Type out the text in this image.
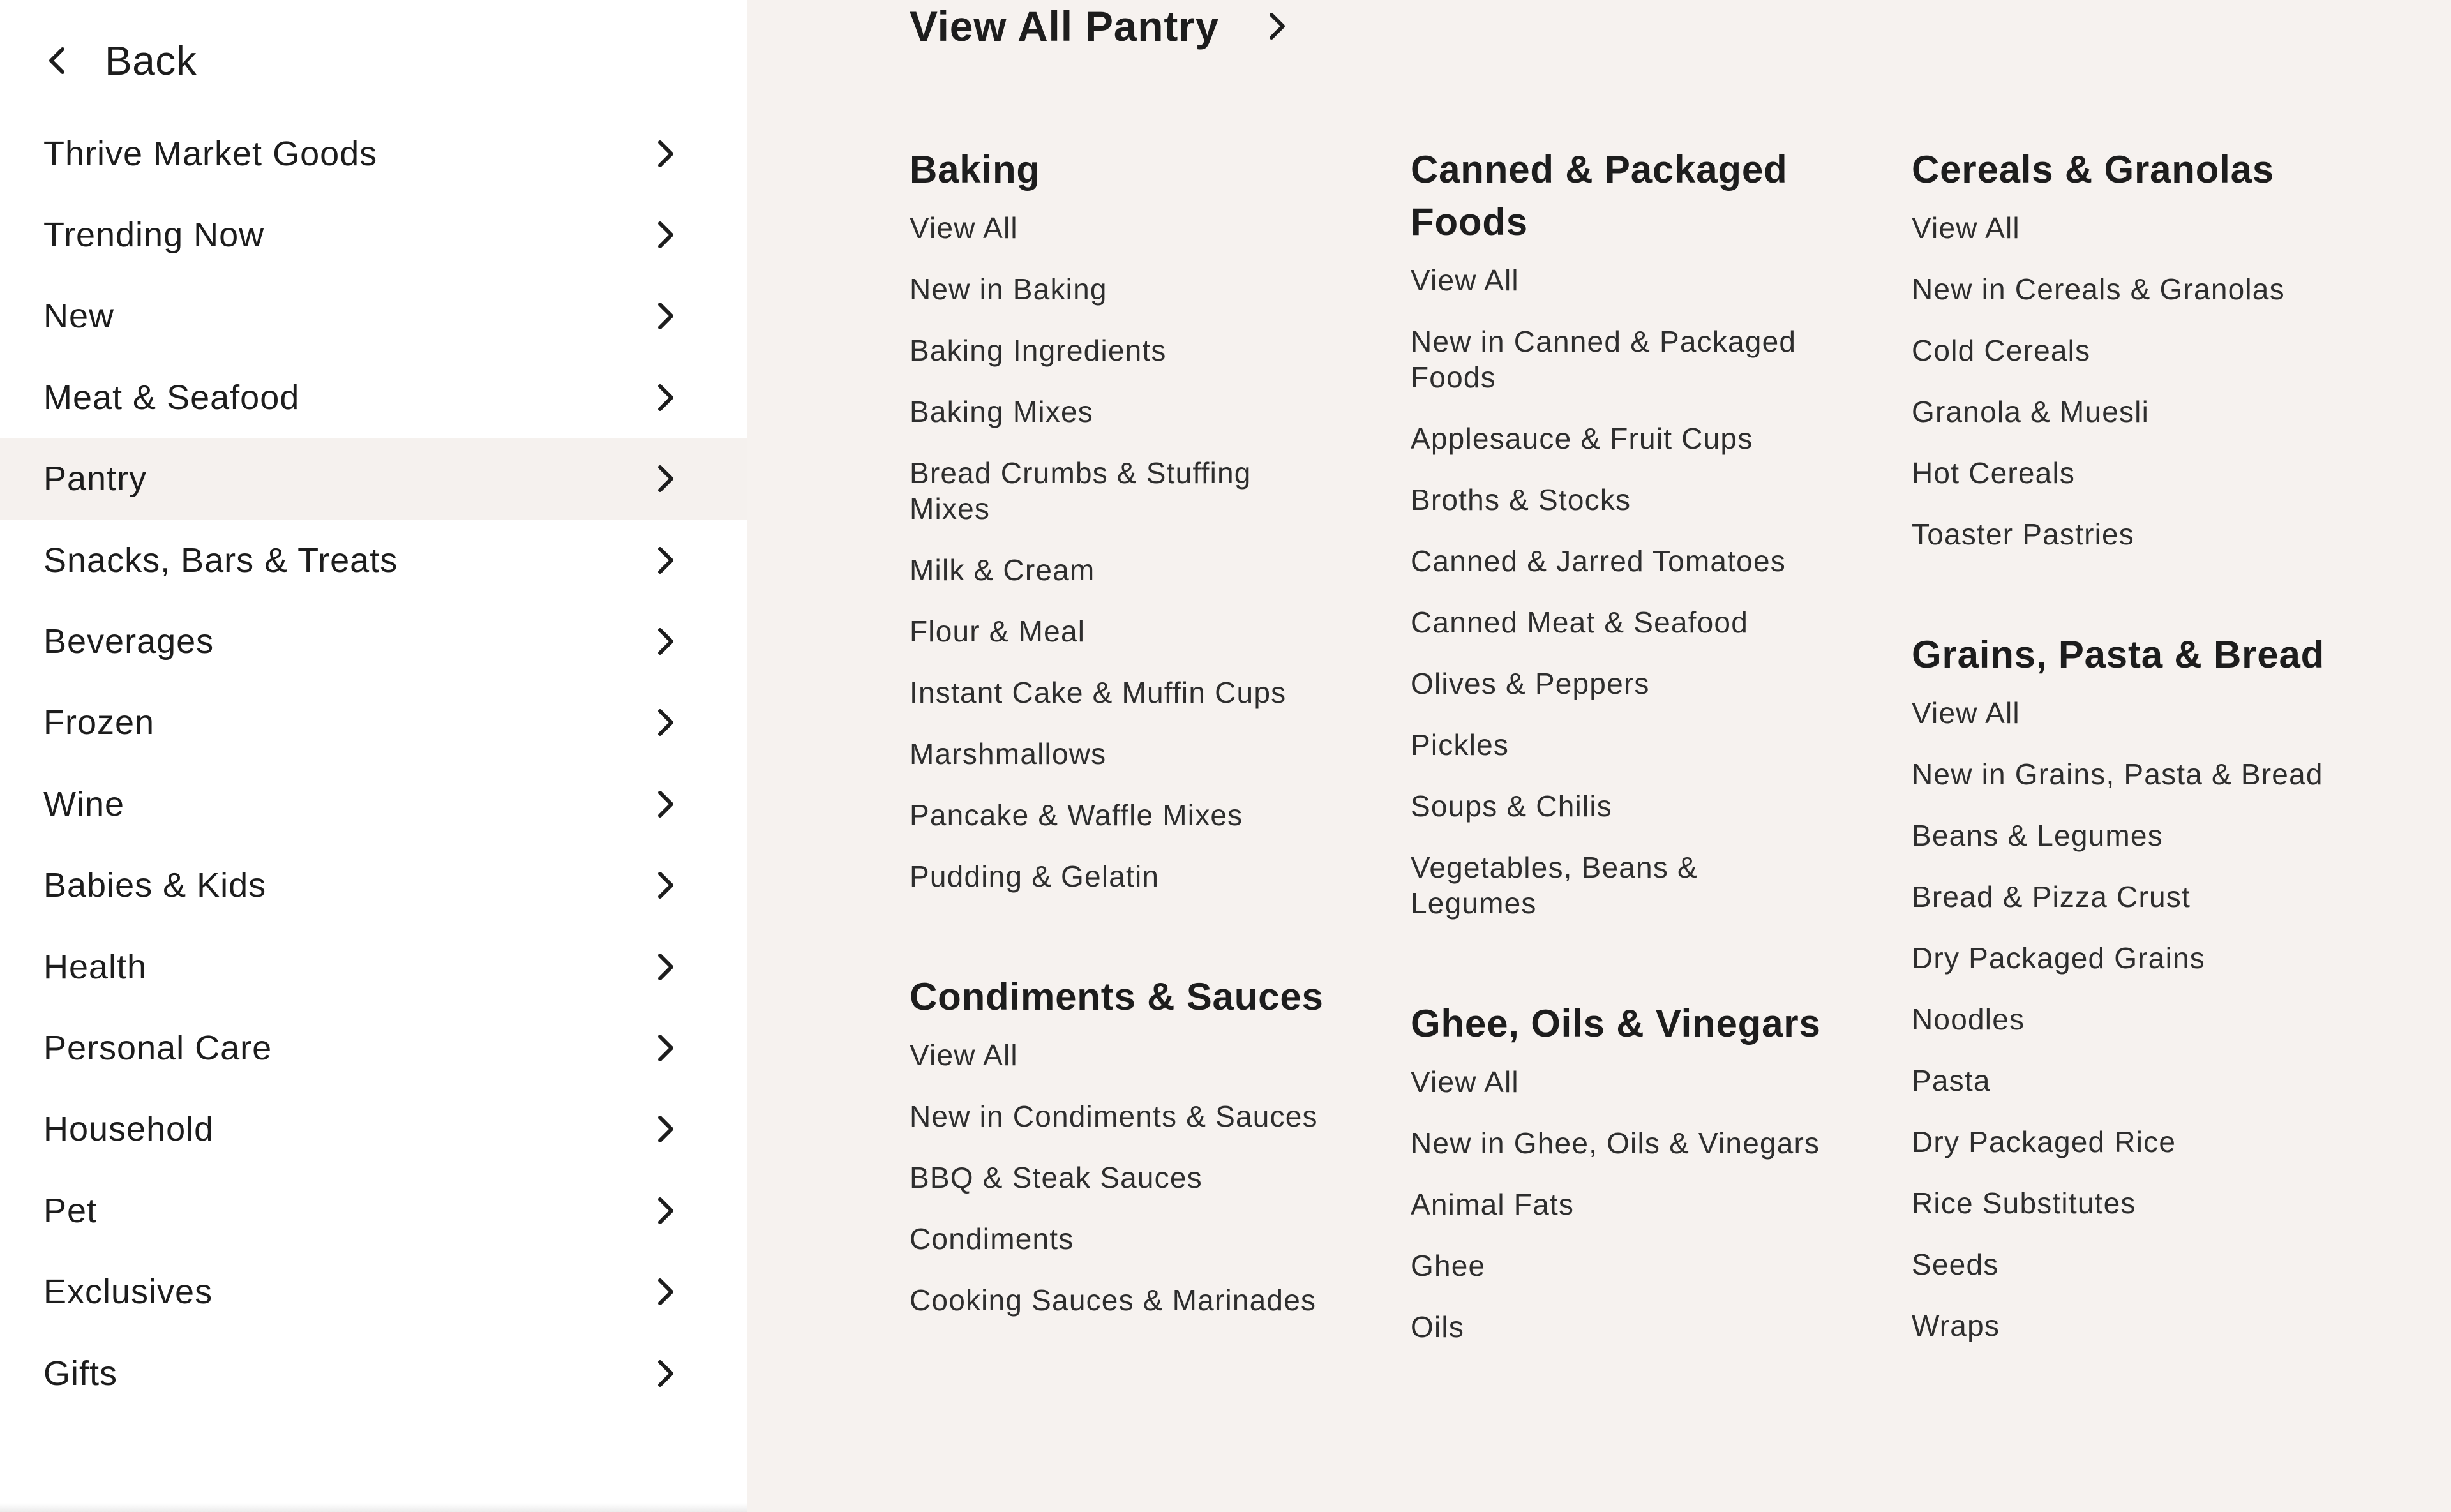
Back
Thrive Market Goods
Trending Now
New
Meat & Seafood
Pantry
Snacks, Bars & Treats
Beverages
Frozen
Wine
Babies & Kids
Health
Personal Care
Household
Pet
Exclusives
Gifts
View All Pantry
Baking
View All
New in Baking
Baking Ingredients
Baking Mixes
Bread Crumbs & Stuffing Mixes
Milk & Cream
Flour & Meal
Instant Cake & Muffin Cups
Marshmallows
Pancake & Waffle Mixes
Pudding & Gelatin
Condiments & Sauces
View All
New in Condiments & Sauces
BBQ & Steak Sauces
Condiments
Cooking Sauces & Marinades
Canned & Packaged Foods
View All
New in Canned & Packaged Foods
Applesauce & Fruit Cups
Broths & Stocks
Canned & Jarred Tomatoes
Canned Meat & Seafood
Olives & Peppers
Pickles
Soups & Chilis
Vegetables, Beans & Legumes
Ghee, Oils & Vinegars
View All
New in Ghee, Oils & Vinegars
Animal Fats
Ghee
Oils
Cereals & Granolas
View All
New in Cereals & Granolas
Cold Cereals
Granola & Muesli
Hot Cereals
Toaster Pastries
Grains, Pasta & Bread
View All
New in Grains, Pasta & Bread
Beans & Legumes
Bread & Pizza Crust
Dry Packaged Grains
Noodles
Pasta
Dry Packaged Rice
Rice Substitutes
Seeds
Wraps
